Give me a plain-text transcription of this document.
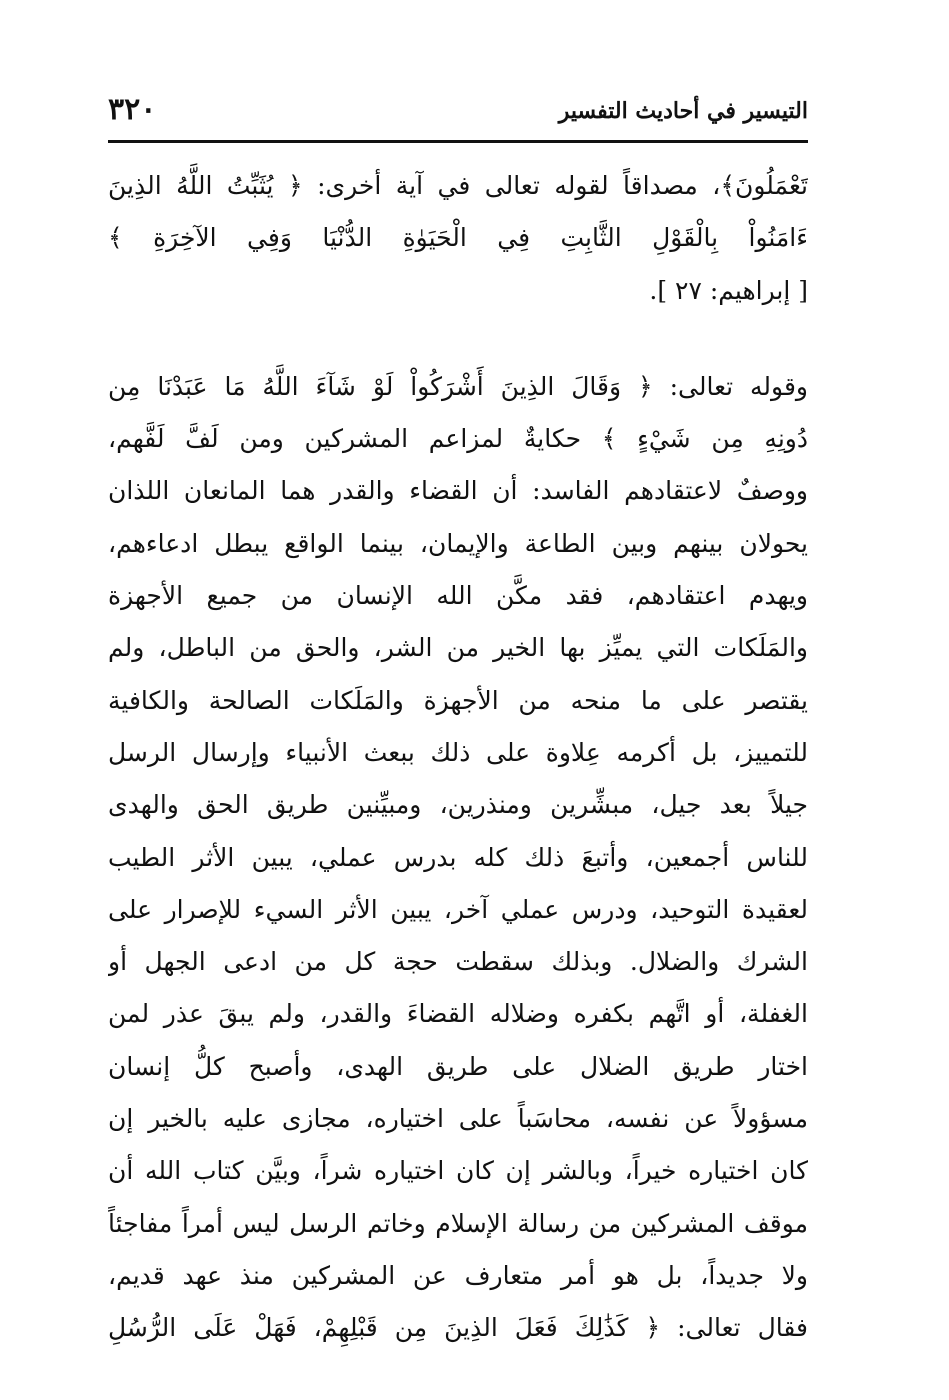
التيسير في أحاديث التفسير
٣٢٠
تَعْمَلُونَ﴾، مصداقاً لقوله تعالى في آية أخرى: ﴿ يُثَبِّتُ اللَّهُ الذِينَ
ءَامَنُواْ بِالْقَوْلِ الثَّابِتِ فِي الْحَيَوٰةِ الدُّنْيَا وَفِي الآخِرَةِ ﴾
[ إبراهيم: ٢٧ ].
وقوله تعالى: ﴿ وَقَالَ الذِينَ أَشْرَكُواْ لَوْ شَآءَ اللَّهُ مَا عَبَدْنَا مِن
دُونِهِ مِن شَيْءٍ ﴾ حكايةٌ لمزاعم المشركين ومن لَفَّ لَفَّهم،
ووصفٌ لاعتقادهم الفاسد: أن القضاء والقدر هما المانعان اللذان
يحولان بينهم وبين الطاعة والإيمان، بينما الواقع يبطل ادعاءهم،
ويهدم اعتقادهم، فقد مكَّن الله الإنسان من جميع الأجهزة
والمَلَكات التي يميِّز بها الخير من الشر، والحق من الباطل، ولم
يقتصر على ما منحه من الأجهزة والمَلَكات الصالحة والكافية
للتمييز، بل أكرمه عِلاوة على ذلك ببعث الأنبياء وإرسال الرسل
جيلاً بعد جيل، مبشِّرين ومنذرين، ومبيِّنين طريق الحق والهدى
للناس أجمعين، وأتبعَ ذلك كله بدرس عملي، يبين الأثر الطيب
لعقيدة التوحيد، ودرس عملي آخر، يبين الأثر السيء للإصرار على
الشرك والضلال. وبذلك سقطت حجة كل من ادعى الجهل أو
الغفلة، أو اتَّهم بكفره وضلاله القضاءَ والقدر، ولم يبقَ عذر لمن
اختار طريق الضلال على طريق الهدى، وأصبح كلُّ إنسان
مسؤولاً عن نفسه، محاسَباً على اختياره، مجازى عليه بالخير إن
كان اختياره خيراً، وبالشر إن كان اختياره شراً، وبيَّن كتاب الله أن
موقف المشركين من رسالة الإسلام وخاتم الرسل ليس أمراً مفاجئاً
ولا جديداً، بل هو أمر متعارف عن المشركين منذ عهد قديم،
فقال تعالى: ﴿ كَذَٰلِكَ فَعَلَ الذِينَ مِن قَبْلِهِمْ، فَهَلْ عَلَى الرُّسُلِ
